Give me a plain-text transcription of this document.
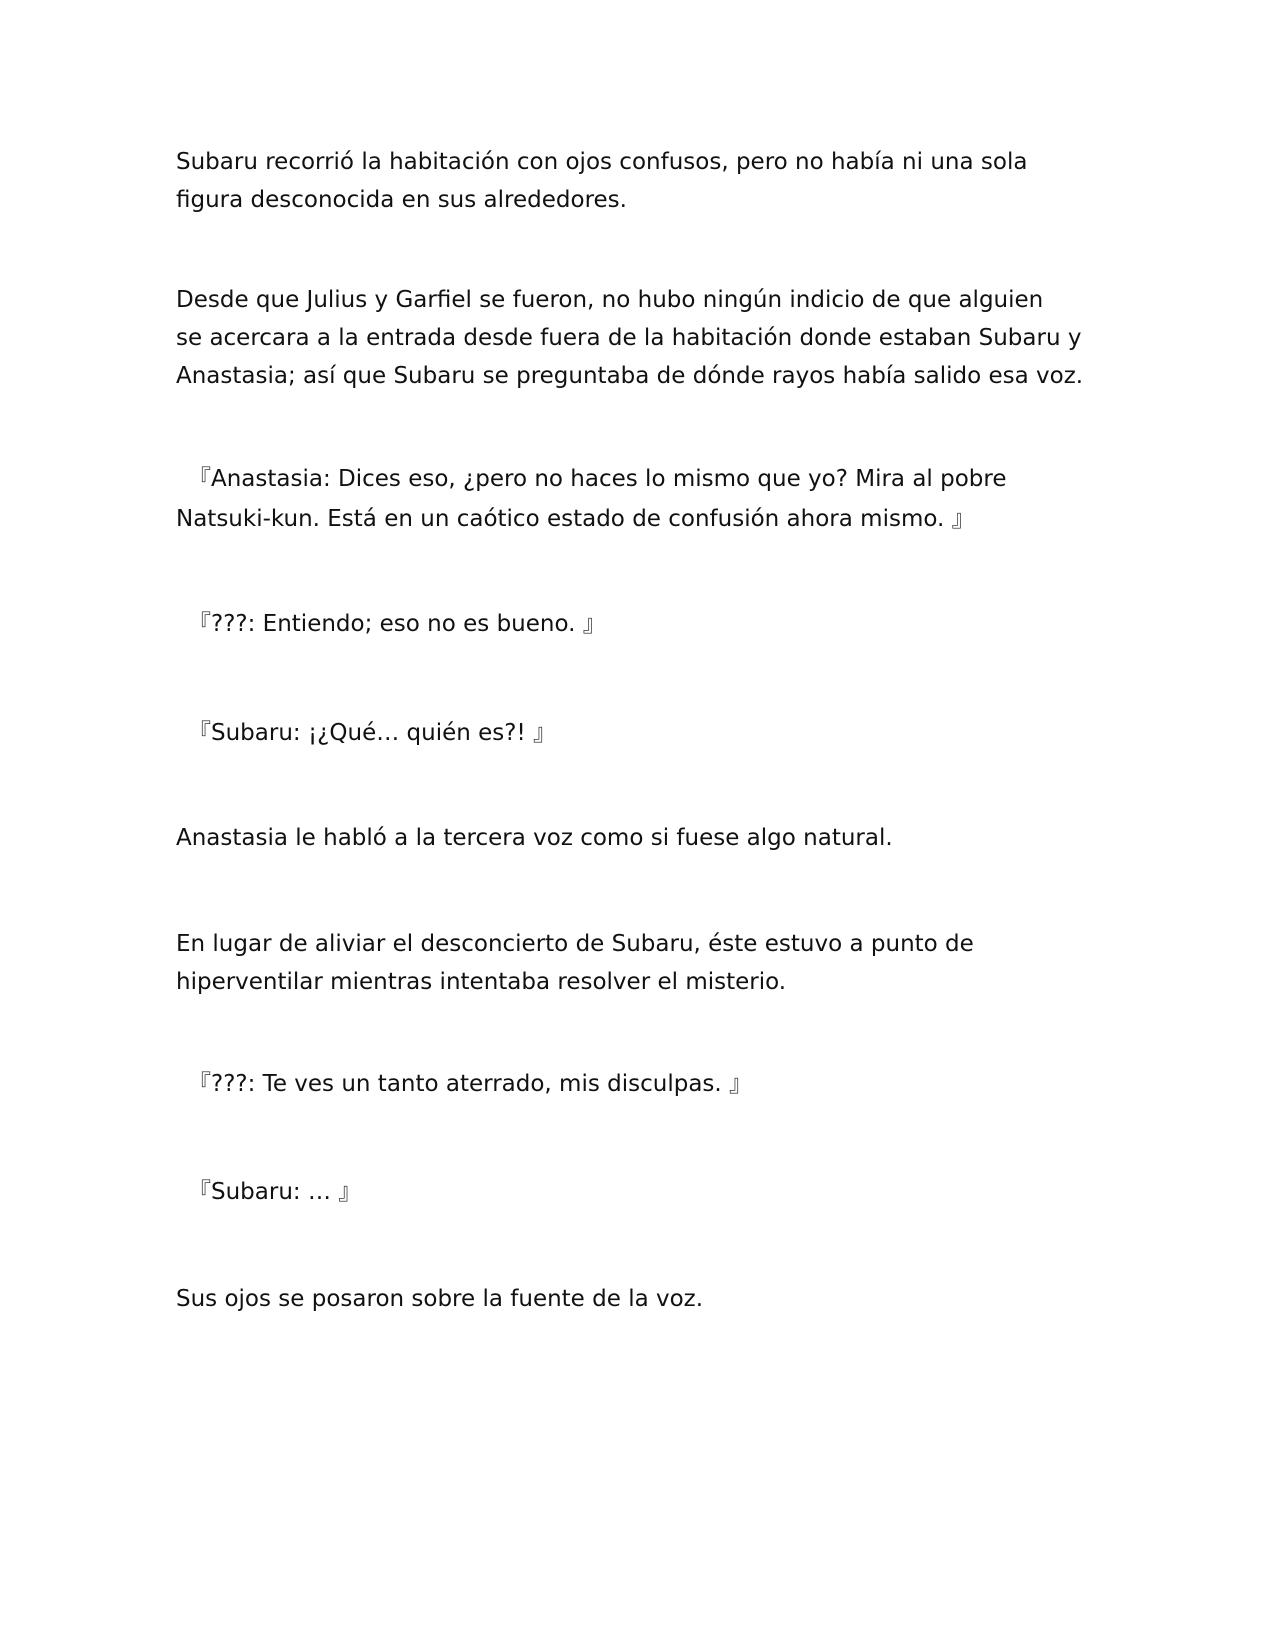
Subaru recorrió la habitación con ojos confusos, pero no había ni una sola
figura desconocida en sus alrededores.

Desde que Julius y Garfiel se fueron, no hubo ningún indicio de que alguien
se acercara a la entrada desde fuera de la habitación donde estaban Subaru y
Anastasia; así que Subaru se preguntaba de dónde rayos había salido esa voz.

『Anastasia: Dices eso, ¿pero no haces lo mismo que yo? Mira al pobre
Natsuki-kun. Está en un caótico estado de confusión ahora mismo. 』

『???: Entiendo; eso no es bueno. 』

『Subaru: ¡¿Qué… quién es?! 』

Anastasia le habló a la tercera voz como si fuese algo natural.

En lugar de aliviar el desconcierto de Subaru, éste estuvo a punto de
hiperventilar mientras intentaba resolver el misterio.

『???: Te ves un tanto aterrado, mis disculpas. 』

『Subaru: … 』

Sus ojos se posaron sobre la fuente de la voz.
